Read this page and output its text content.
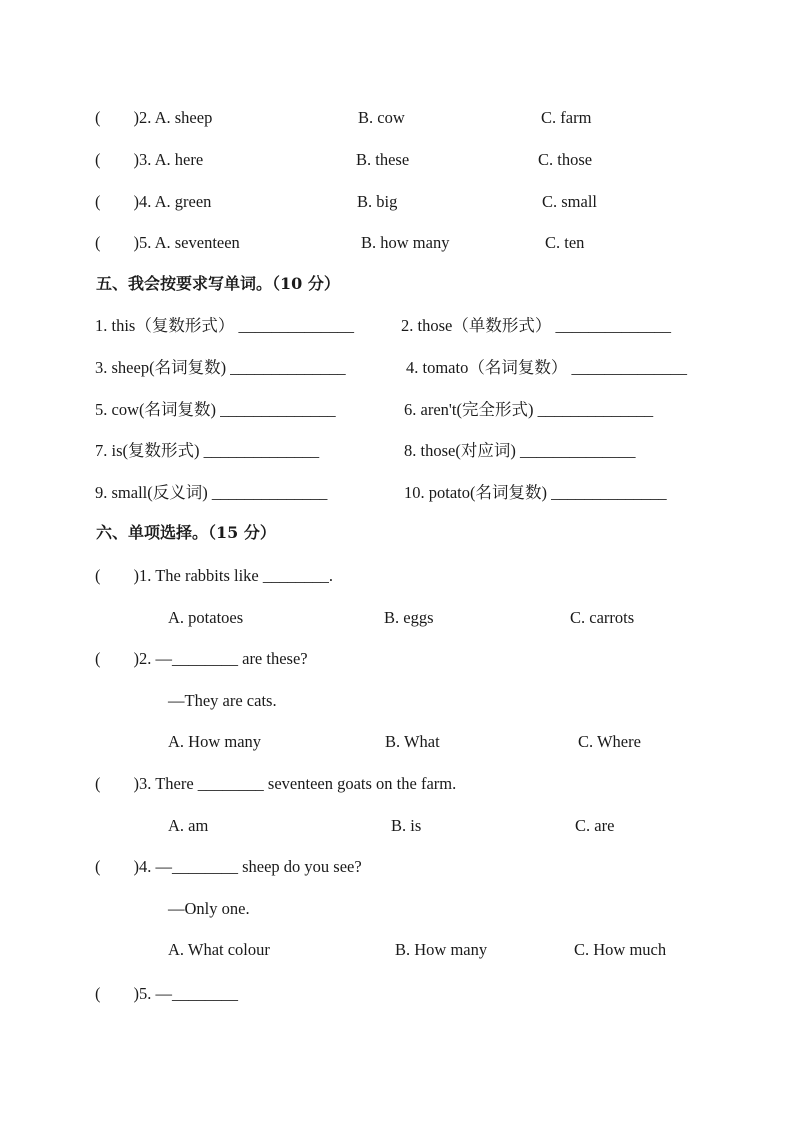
(  )2. A. sheep	B. cow	C. farm
(  )3. A. here	B. these	C. those
(  )4. A. green	B. big	C. small
(  )5. A. seventeen	B. how many	C. ten
五、我会按要求写单词。（10 分）
1. this（复数形式） ______________	2. those（单数形式） ______________
3. sheep(名词复数) ______________	4. tomato（名词复数） ______________
5. cow(名词复数) ______________	6. aren't(完全形式) ______________
7. is(复数形式) ______________	8. those(对应词) ______________
9. small(反义词) ______________	10. potato(名词复数) ______________
六、单项选择。（15 分）
(  )1. The rabbits like ________.
A. potatoes	B. eggs	C. carrots
(  )2. —________ are these?
—They are cats.
A. How many	B. What	C. Where
(  )3. There ________ seventeen goats on the farm.
A. am	B. is	C. are
(  )4. —________ sheep do you see?
—Only one.
A. What colour	B. How many	C. How much
(  )5. —________
